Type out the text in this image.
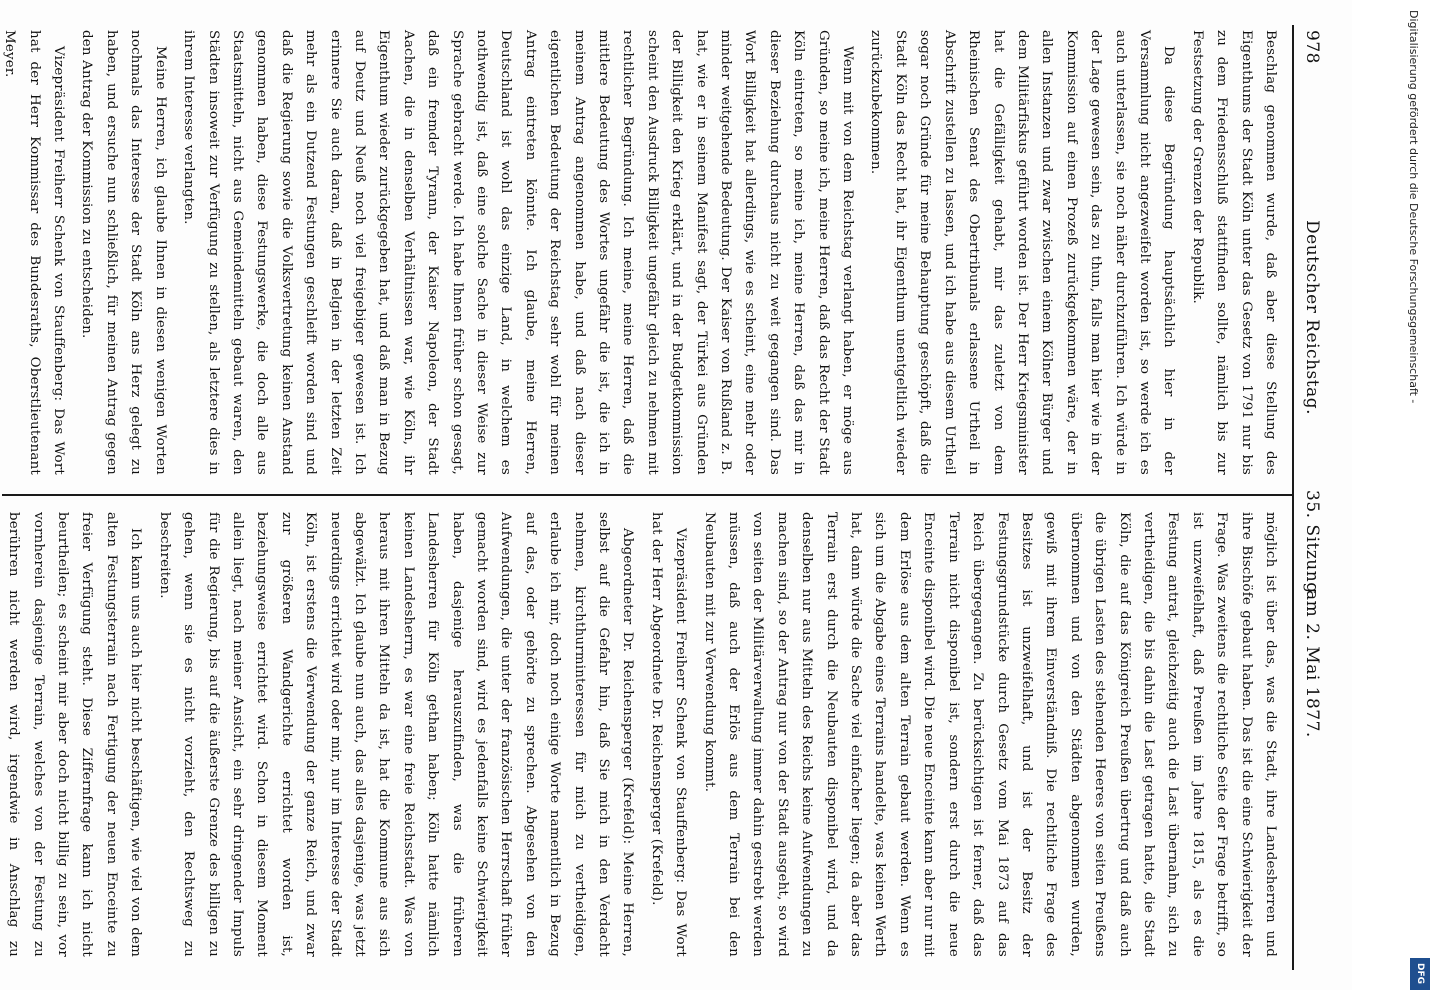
978
Deutscher Reichstag.
35. Sitzung
am 2. Mai 1877.

Beschlag genommen wurde, daß aber diese Stellung des Eigenthums der Stadt Köln unter das Gesetz von 1791 nur bis zu dem Friedensschluß stattfinden sollte, nämlich bis zur Festsetzung der Grenzen der Republik.

Da diese Begründung hauptsächlich hier in der Versammlung nicht angezweifelt worden ist, so werde ich es auch unterlassen, sie noch näher durchzuführen. Ich würde in der Lage gewesen sein, das zu thun, falls man hier wie in der Kommission auf einen Prozeß zurückgekommen wäre, der in allen Instanzen und zwar zwischen einem Kölner Bürger und dem Militärfiskus geführt worden ist. Der Herr Kriegsminister hat die Gefälligkeit gehabt, mir das zuletzt von dem Rheinischen Senat des Obertribunals erlassene Urtheil in Abschrift zustellen zu lassen, und ich habe aus diesem Urtheil sogar noch Gründe für meine Behauptung geschöpft, daß die Stadt Köln das Recht hat, ihr Eigenthum unentgeltlich wieder zurückzubekommen.

Wenn mit von dem Reichstag verlangt haben, er möge aus Gründen, so meine ich, meine Herren, daß das Recht der Stadt Köln eintreten, so meine ich, meine Herren, daß das mir in dieser Beziehung durchaus nicht zu weit gegangen sind. Das Wort Billigkeit hat allerdings, wie es scheint, eine mehr oder minder weitgehende Bedeutung. Der Kaiser von Rußland z. B. hat, wie er in seinem Manifest sagt, der Türkei aus Gründen der Billigkeit den Krieg erklärt, und in der Budgetkommission scheint den Ausdruck Billigkeit ungefähr gleich zu nehmen mit rechtlicher Begründung. Ich meine, meine Herren, daß die mittlere Bedeutung des Wortes ungefähr die ist, die ich in meinem Antrag angenommen habe, und daß nach dieser eigentlichen Bedeutung der Reichstag sehr wohl für meinen Antrag eintreten könnte. Ich glaube, meine Herren, Deutschland ist wohl das einzige Land, in welchem es nothwendig ist, daß eine solche Sache in dieser Weise zur Sprache gebracht werde. Ich habe Ihnen früher schon gesagt, daß ein fremder Tyrann, der Kaiser Napoleon, der Stadt Aachen, die in denselben Verhältnissen war, wie Köln, ihr Eigenthum wieder zurückgegeben hat, und daß man in Bezug auf Deutz und Neuß noch viel freigebiger gewesen ist. Ich erinnere Sie auch daran, daß in Belgien in der letzten Zeit mehr als ein Dutzend Festungen geschleift worden sind und daß die Regierung sowie die Volksvertretung keinen Anstand genommen haben, diese Festungswerke, die doch alle aus Staatsmitteln, nicht aus Gemeindemitteln gebaut waren, den Städten insoweit zur Verfügung zu stellen, als letztere dies in ihrem Interesse verlangten.

Meine Herren, ich glaube Ihnen in diesen wenigen Worten nochmals das Interesse der Stadt Köln ans Herz gelegt zu haben, und ersuche nun schließlich, für meinen Antrag gegen den Antrag der Kommission zu entscheiden.

Vizepräsident Freiherr Schenk von Stauffenberg: Das Wort hat der Herr Kommissar des Bundesraths, Oberstlieutenant Meyer.

möglich ist über das, was die Stadt, ihre Landesherren und ihre Bischöfe gebaut haben. Das ist die eine Schwierigkeit der Frage. Was zweitens die rechtliche Seite der Frage betrifft, so ist unzweifelhaft, daß Preußen im Jahre 1815, als es die Festung antrat, gleichzeitig auch die Last übernahm, sich zu vertheidigen, die bis dahin die Last getragen hatte, die Stadt Köln, die auf das Königreich Preußen übertrug und daß auch die übrigen Lasten des stehenden Heeres von seiten Preußens übernommen und von den Städten abgenommen wurden, gewiß mit ihrem Einverständniß. Die rechtliche Frage des Besitzes ist unzweifelhaft, und ist der Besitz der Festungsgrundstücke durch Gesetz vom Mai 1873 auf das Reich übergegangen. Zu berücksichtigen ist ferner, daß das Terrain nicht disponibel ist, sondern erst durch die neue Enceinte disponibel wird. Die neue Enceinte kann aber nur mit dem Erlöse aus dem alten Terrain gebaut werden. Wenn es sich um die Abgabe eines Terrains handelte, was keinen Werth hat, dann würde die Sache viel einfacher liegen; da aber das Terrain erst durch die Neubauten disponibel wird, und da denselben nur aus Mitteln des Reichs keine Aufwendungen zu machen sind, so der Antrag nur von der Stadt ausgeht, so wird von seiten der Militärverwaltung immer dahin gestrebt werden müssen, daß auch der Erlös aus dem Terrain bei den Neubauten mit zur Verwendung kommt.

Vizepräsident Freiherr Schenk von Stauffenberg: Das Wort hat der Herr Abgeordnete Dr. Reichensperger (Krefeld).

Abgeordneter Dr. Reichensperger (Krefeld): Meine Herren, selbst auf die Gefahr hin, daß Sie mich in den Verdacht nehmen, kirchthurminteressen für mich zu vertheidigen, erlaube ich mir, doch noch einige Worte namentlich in Bezug auf das, oder gehörte zu sprechen. Abgesehen von den Aufwendungen, die unter der französischen Herrschaft früher gemacht worden sind, wird es jedenfalls keine Schwierigkeit haben, dasjenige herauszufinden, was die früheren Landesherren für Köln gethan haben; Köln hatte nämlich keinen Landesherrn, es war eine freie Reichsstadt. Was von heraus mit ihren Mitteln da ist, hat die Kommune aus sich abgewälzt. Ich glaube nun auch, das alles dasjenige, was jetzt neuerdings errichtet wird oder mir, nur im Interesse der Stadt Köln, ist erstens die Verwendung der ganze Reich, und zwar zur größeren Wandgerichte errichtet worden ist, beziehungsweise errichtet wird. Schon in diesem Moment allein liegt, nach meiner Ansicht, ein sehr dringender Impuls für die Regierung, bis auf die äußerste Grenze des billigen zu gehen, wenn sie es nicht vorzieht, den Rechtsweg zu beschreiten.

Ich kann uns auch hier nicht beschäftigen, wie viel von dem alten Festungsterrain nach Fertigung der neuen Enceinte zu freier Verfügung steht. Diese Ziffernfrage kann ich nicht beurtheilen; es scheint mir aber doch nicht billig zu sein, vor vornherein dasjenige Terrain, welches von der Festung zu berühren nicht werden wird, irgendwie in Anschlag zu

Digitalisierung gefördert durch die Deutsche Forschungsgemeinschaft -
DFG
